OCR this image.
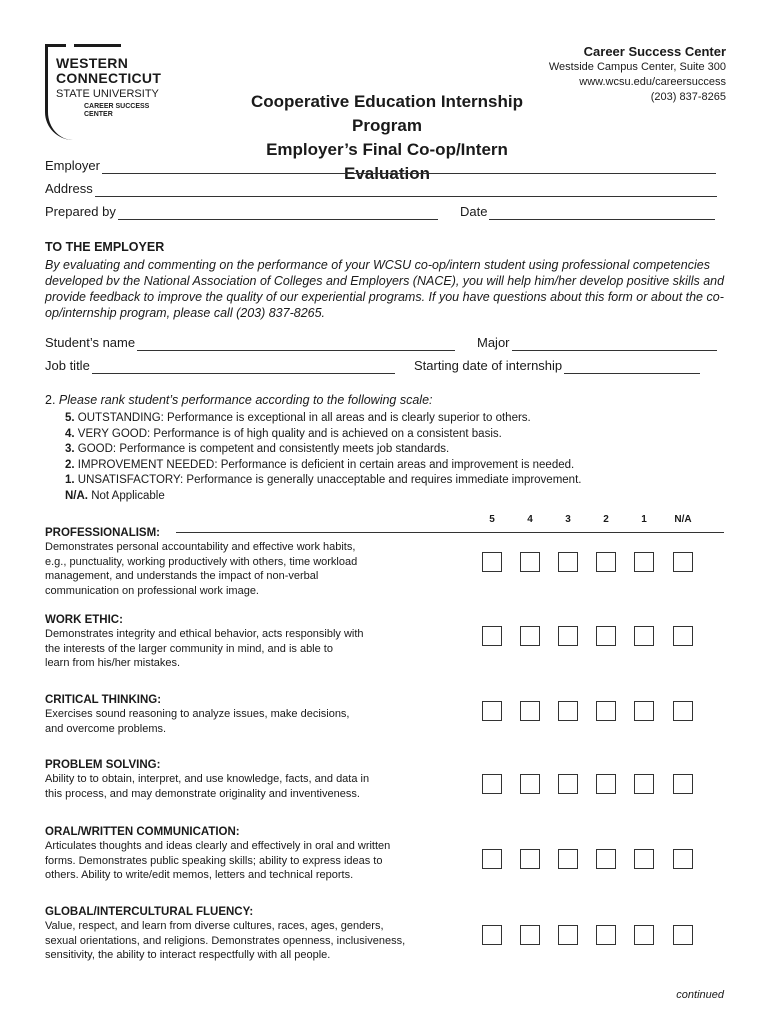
WESTERN
CONNECTICUT
STATE UNIVERSITY
CAREER SUCCESS
CENTER
Career Success Center
Westside Campus Center, Suite 300
www.wcsu.edu/careersuccess
(203) 837-8265
Cooperative Education Internship Program
Employer’s Final Co-op/Intern Evaluation
Employer
Address
Prepared by	Date
TO THE EMPLOYER
By evaluating and commenting on the performance of your WCSU co-op/intern student using professional competencies developed bv the National Association of Colleges and Employers (NACE), you will help him/her develop positive skills and provide feedback to improve the quality of our experiential programs. If you have questions about this form or about the co-op/internship program, please call (203) 837-8265.
Student’s name	Major
Job title	Starting date of internship
2. Please rank student’s performance according to the following scale:
5. OUTSTANDING: Performance is exceptional in all areas and is clearly superior to others.
4. VERY GOOD: Performance is of high quality and is achieved on a consistent basis.
3. GOOD: Performance is competent and consistently meets job standards.
2. IMPROVEMENT NEEDED: Performance is deficient in certain areas and improvement is needed.
1. UNSATISFACTORY: Performance is generally unacceptable and requires immediate improvement.
N/A. Not Applicable
5	4	3	2	1	N/A
PROFESSIONALISM:
Demonstrates personal accountability and effective work habits,
e.g., punctuality, working productively with others, time workload
management, and understands the impact of non-verbal
communication on professional work image.
WORK ETHIC:
Demonstrates integrity and ethical behavior, acts responsibly with
the interests of the larger community in mind, and is able to
learn from his/her mistakes.
CRITICAL THINKING:
Exercises sound reasoning to analyze issues, make decisions,
and overcome problems.
PROBLEM SOLVING:
Ability to to obtain, interpret, and use knowledge, facts, and data in
this process, and may demonstrate originality and inventiveness.
ORAL/WRITTEN COMMUNICATION:
Articulates thoughts and ideas clearly and effectively in oral and written
forms. Demonstrates public speaking skills; ability to express ideas to
others. Ability to write/edit memos, letters and technical reports.
GLOBAL/INTERCULTURAL FLUENCY:
Value, respect, and learn from diverse cultures, races, ages, genders,
sexual orientations, and religions. Demonstrates openness, inclusiveness,
sensitivity, the ability to interact respectfully with all people.
continued
